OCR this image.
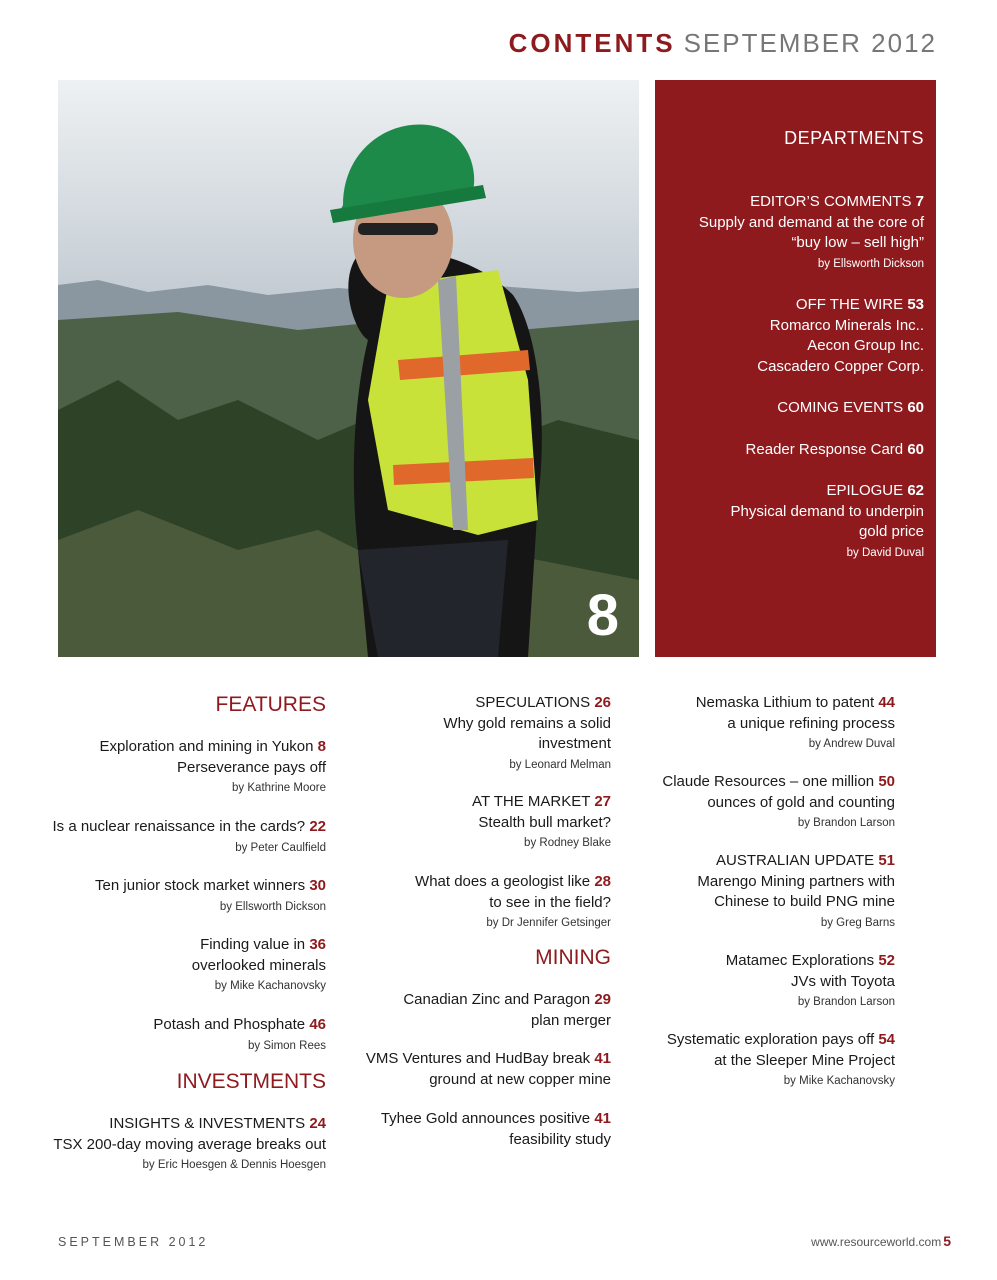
CONTENTS SEPTEMBER 2012
8
DEPARTMENTS
EDITOR’S COMMENTS 7
Supply and demand at the core of
“buy low – sell high”
by Ellsworth Dickson
OFF THE WIRE 53
Romarco Minerals Inc..
Aecon Group Inc.
Cascadero Copper Corp.
COMING EVENTS 60
Reader Response Card 60
EPILOGUE 62
Physical demand to underpin
gold price
by David Duval
FEATURES
Exploration and mining in Yukon 8
Perseverance pays off
by Kathrine Moore
Is a nuclear renaissance in the cards? 22
by Peter Caulfield
Ten junior stock market winners 30
by Ellsworth Dickson
Finding value in 36
overlooked minerals
by Mike Kachanovsky
Potash and Phosphate 46
by Simon Rees
INVESTMENTS
INSIGHTS & INVESTMENTS 24
TSX 200-day moving average breaks out
by Eric Hoesgen & Dennis Hoesgen
SPECULATIONS 26
Why gold remains a solid
investment
by Leonard Melman
AT THE MARKET 27
Stealth bull market?
by Rodney Blake
What does a geologist like 28
to see in the field?
by Dr Jennifer Getsinger
MINING
Canadian Zinc and Paragon 29
plan merger
VMS Ventures and HudBay break 41
ground at new copper mine
Tyhee Gold announces positive 41
feasibility study
Nemaska Lithium to patent 44
a unique refining process
by Andrew Duval
Claude Resources – one million 50
ounces of gold and counting
by Brandon Larson
AUSTRALIAN UPDATE 51
Marengo Mining partners with
Chinese to build PNG mine
by Greg Barns
Matamec Explorations 52
JVs with Toyota
by Brandon Larson
Systematic exploration pays off 54
at the Sleeper Mine Project
by Mike Kachanovsky
SEPTEMBER 2012	www.resourceworld.com 5
